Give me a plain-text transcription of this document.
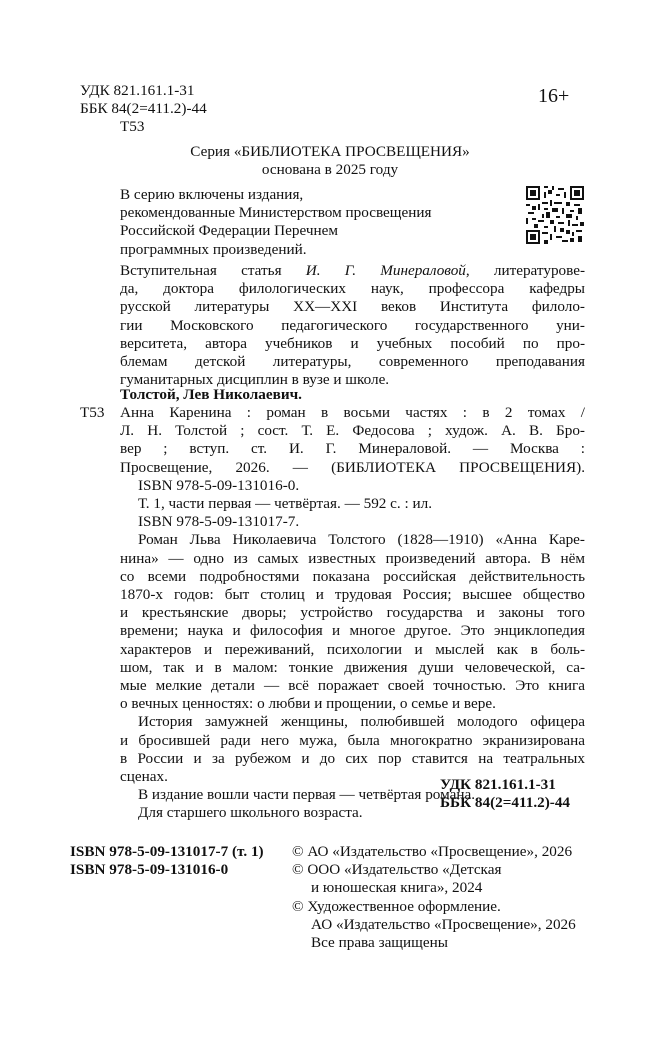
УДК 821.161.1-31
ББК 84(2=411.2)-44
Т53
16+
Серия «БИБЛИОТЕКА ПРОСВЕЩЕНИЯ»
основана в 2025 году
В серию включены издания,
рекомендованные Министерством просвещения
Российской Федерации Перечнем
программных произведений.
Вступительная статья И. Г. Минераловой, литературове-
да, доктора филологических наук, профессора кафедры
русской литературы XX—XXI веков Института филоло-
гии Московского педагогического государственного уни-
верситета, автора учебников и учебных пособий по про-
блемам детской литературы, современного преподавания
гуманитарных дисциплин в вузе и школе.
Толстой, Лев Николаевич.
Т53 Анна Каренина : роман в восьми частях : в 2 томах /
Л. Н. Толстой ; сост. Т. Е. Федосова ; худож. А. В. Бро-
вер ; вступ. ст. И. Г. Минераловой. — Москва :
Просвещение, 2026. — (БИБЛИОТЕКА ПРОСВЕЩЕНИЯ).
ISBN 978-5-09-131016-0.
Т. 1, части первая — четвёртая. — 592 с. : ил.
ISBN 978-5-09-131017-7.
Роман Льва Николаевича Толстого (1828—1910) «Анна Каре-
нина» — одно из самых известных произведений автора. В нём
со всеми подробностями показана российская действительность
1870-х годов: быт столиц и трудовая Россия; высшее общество
и крестьянские дворы; устройство государства и законы того
времени; наука и философия и многое другое. Это энциклопедия
характеров и переживаний, психологии и мыслей как в боль-
шом, так и в малом: тонкие движения души человеческой, са-
мые мелкие детали — всё поражает своей точностью. Это книга
о вечных ценностях: о любви и прощении, о семье и вере.
История замужней женщины, полюбившей молодого офицера
и бросившей ради него мужа, была многократно экранизирована
в России и за рубежом и до сих пор ставится на театральных
сценах.
В издание вошли части первая — четвёртая романа.
Для старшего школьного возраста.
УДК 821.161.1-31
ББК 84(2=411.2)-44
ISBN 978-5-09-131017-7 (т. 1)
ISBN 978-5-09-131016-0
© АО «Издательство «Просвещение», 2026
© ООО «Издательство «Детская
и юношеская книга», 2024
© Художественное оформление.
АО «Издательство «Просвещение», 2026
Все права защищены
